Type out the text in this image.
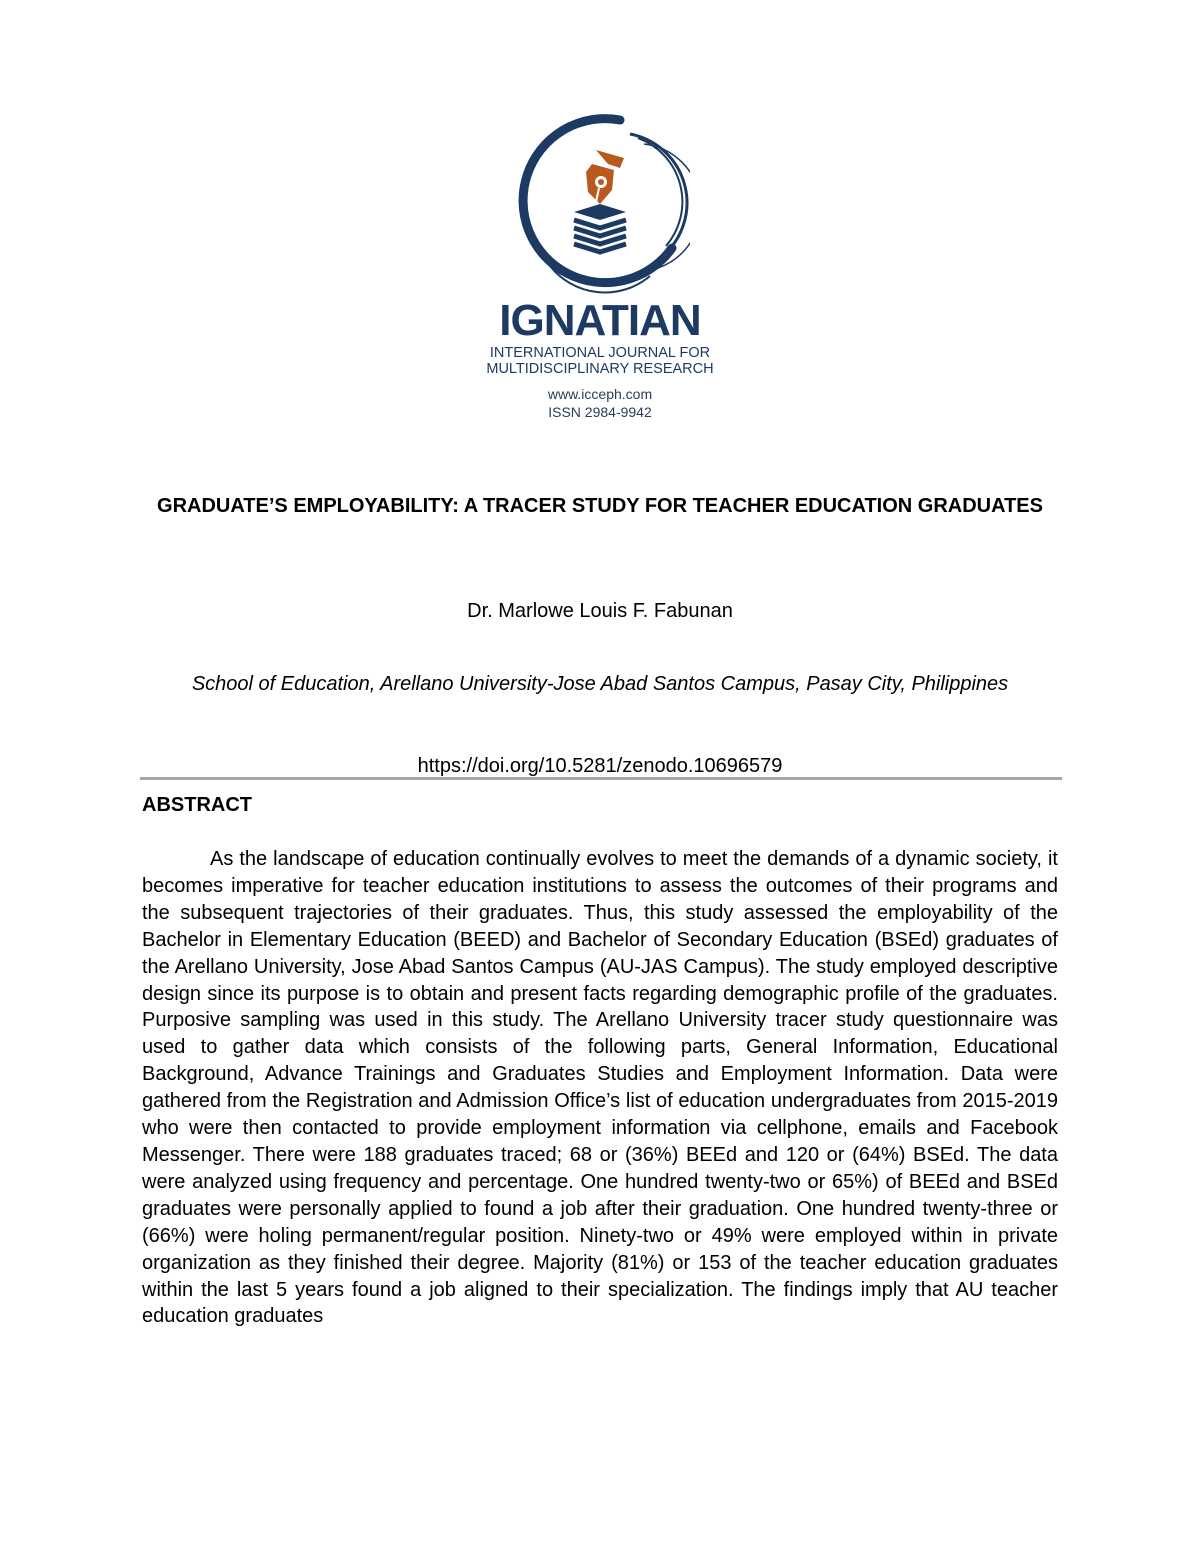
IGNATIAN
INTERNATIONAL JOURNAL FOR
MULTIDISCIPLINARY RESEARCH
www.icceph.com
ISSN 2984-9942
GRADUATE’S EMPLOYABILITY: A TRACER STUDY FOR TEACHER EDUCATION GRADUATES
Dr. Marlowe Louis F. Fabunan
School of Education, Arellano University-Jose Abad Santos Campus, Pasay City, Philippines
https://doi.org/10.5281/zenodo.10696579
ABSTRACT
As the landscape of education continually evolves to meet the demands of a dynamic society, it becomes imperative for teacher education institutions to assess the outcomes of their programs and the subsequent trajectories of their graduates. Thus, this study assessed the employability of the Bachelor in Elementary Education (BEED) and Bachelor of Secondary Education (BSEd) graduates of the Arellano University, Jose Abad Santos Campus (AU-JAS Campus). The study employed descriptive design since its purpose is to obtain and present facts regarding demographic profile of the graduates. Purposive sampling was used in this study. The Arellano University tracer study questionnaire was used to gather data which consists of the following parts, General Information, Educational Background, Advance Trainings and Graduates Studies and Employment Information. Data were gathered from the Registration and Admission Office’s list of education undergraduates from 2015-2019 who were then contacted to provide employment information via cellphone, emails and Facebook Messenger. There were 188 graduates traced; 68 or (36%) BEEd and 120 or (64%) BSEd. The data were analyzed using frequency and percentage. One hundred twenty-two or 65%) of BEEd and BSEd graduates were personally applied to found a job after their graduation. One hundred twenty-three or (66%) were holing permanent/regular position. Ninety-two or 49% were employed within in private organization as they finished their degree. Majority (81%) or 153 of the teacher education graduates within the last 5 years found a job aligned to their specialization. The findings imply that AU teacher education graduates
